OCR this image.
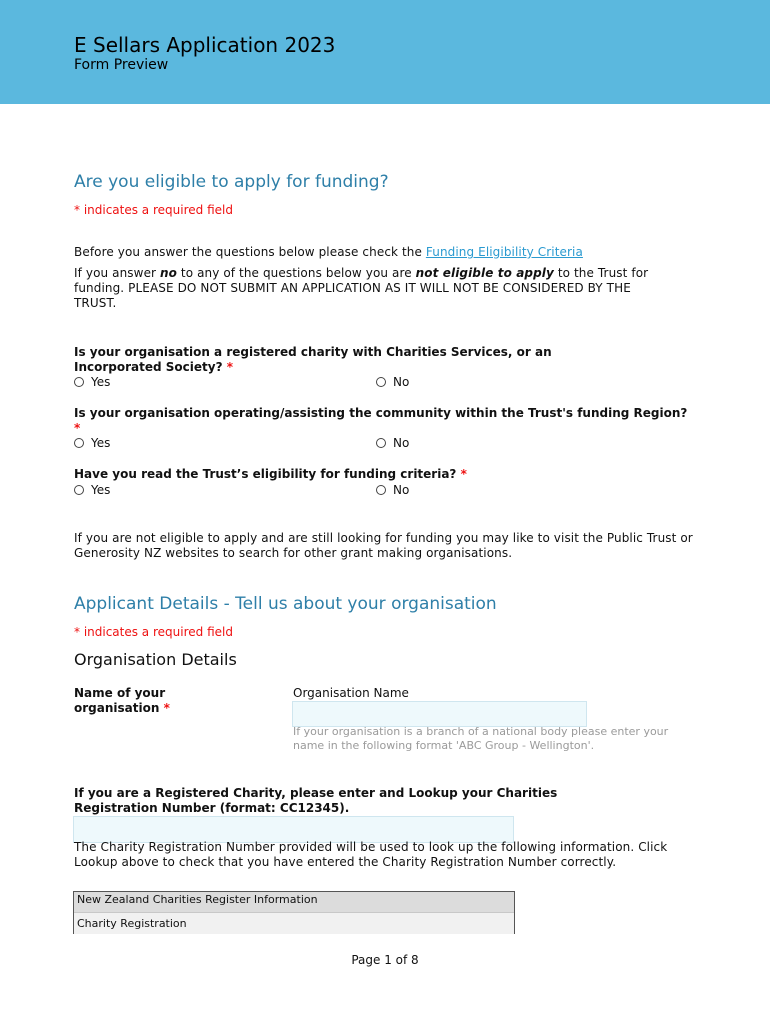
E Sellars Application 2023
Form Preview
Are you eligible to apply for funding?
* indicates a required field
Before you answer the questions below please check the Funding Eligibility Criteria
If you answer no to any of the questions below you are not eligible to apply to the Trust for funding. PLEASE DO NOT SUBMIT AN APPLICATION AS IT WILL NOT BE CONSIDERED BY THE TRUST.
Is your organisation a registered charity with Charities Services, or an Incorporated Society? *
Yes	No
Is your organisation operating/assisting the community within the Trust's funding Region? *
Yes	No
Have you read the Trust’s eligibility for funding criteria? *
Yes	No
If you are not eligible to apply and are still looking for funding you may like to visit the Public Trust or Generosity NZ websites to search for other grant making organisations.
Applicant Details - Tell us about your organisation
* indicates a required field
Organisation Details
Name of your organisation *
Organisation Name
If your organisation is a branch of a national body please enter your name in the following format 'ABC Group - Wellington'.
If you are a Registered Charity, please enter and Lookup your Charities Registration Number (format: CC12345).
The Charity Registration Number provided will be used to look up the following information. Click Lookup above to check that you have entered the Charity Registration Number correctly.
New Zealand Charities Register Information
Charity Registration
Page 1 of 8
